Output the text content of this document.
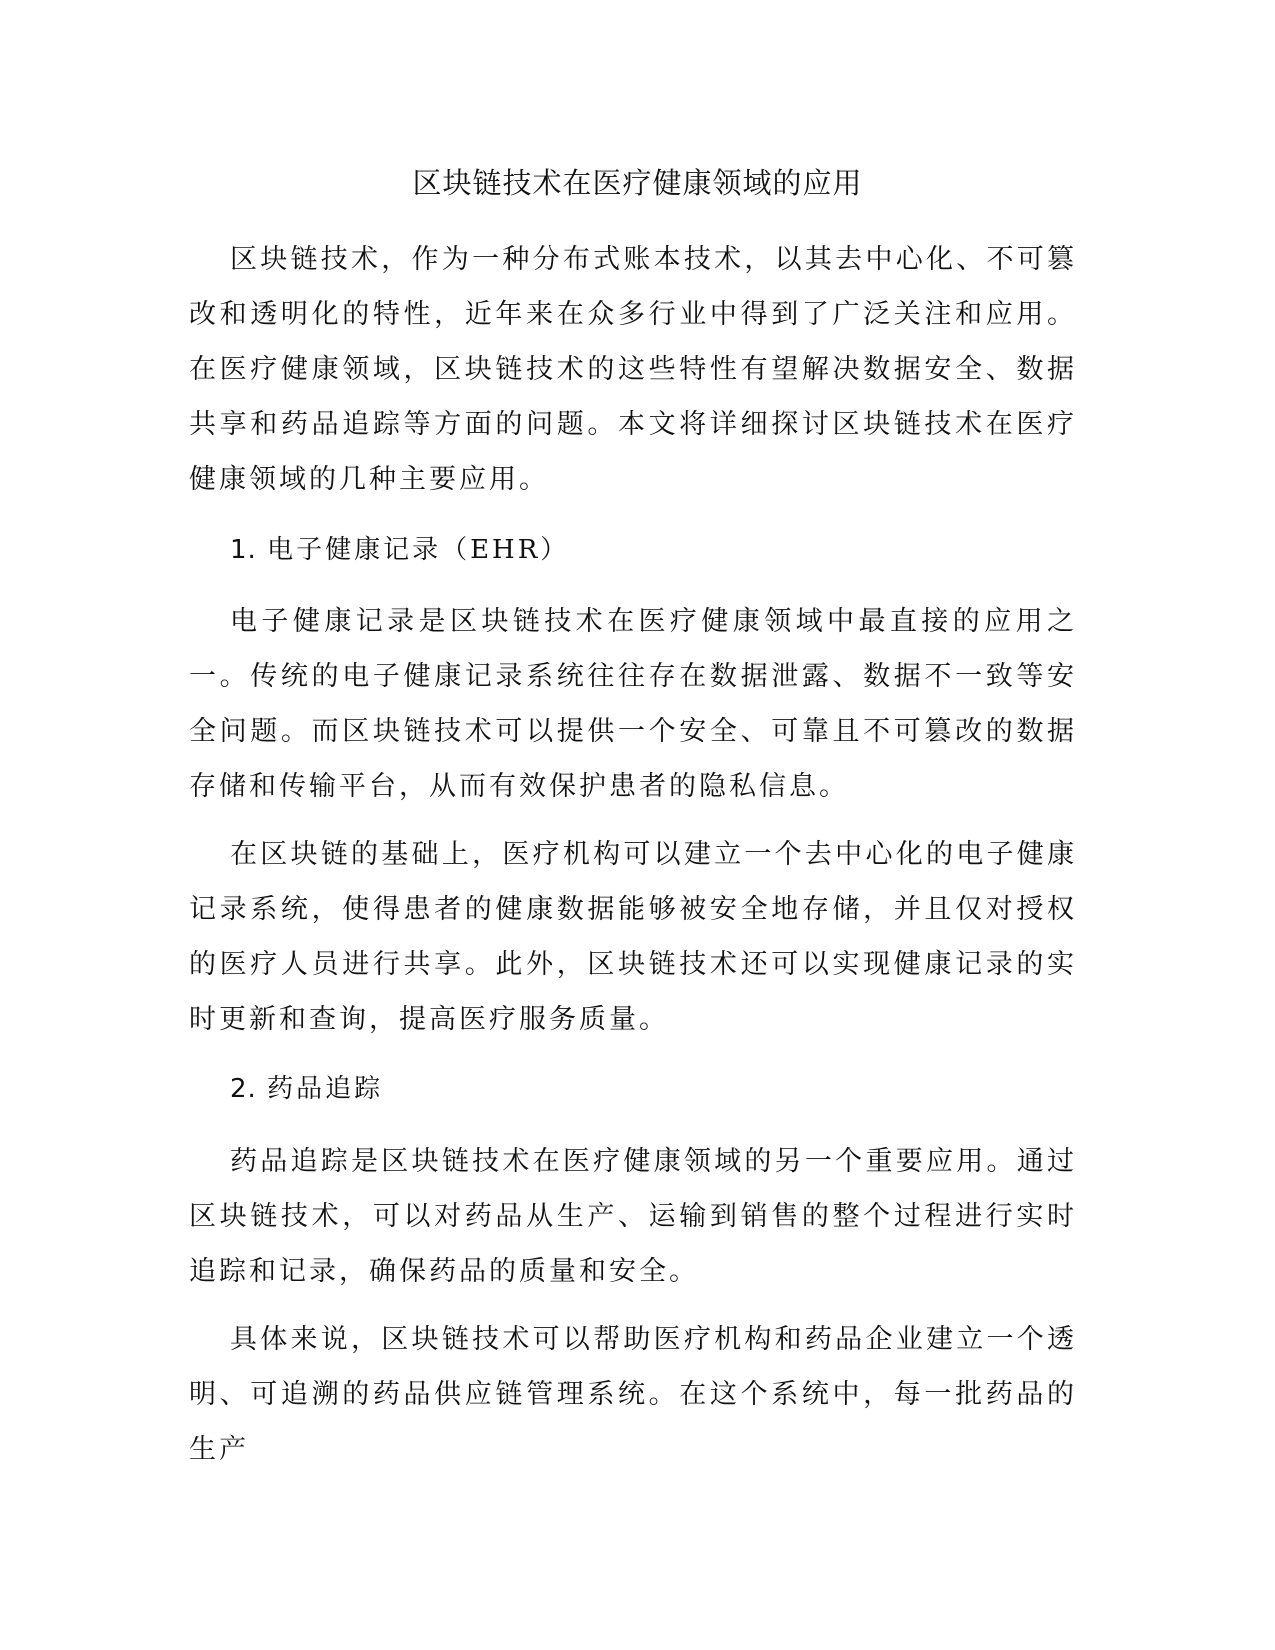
区块链技术在医疗健康领域的应用

区块链技术，作为一种分布式账本技术，以其去中心化、不可篡改和透明化的特性，近年来在众多行业中得到了广泛关注和应用。在医疗健康领域，区块链技术的这些特性有望解决数据安全、数据共享和药品追踪等方面的问题。本文将详细探讨区块链技术在医疗健康领域的几种主要应用。

1. 电子健康记录（EHR）

电子健康记录是区块链技术在医疗健康领域中最直接的应用之一。传统的电子健康记录系统往往存在数据泄露、数据不一致等安全问题。而区块链技术可以提供一个安全、可靠且不可篡改的数据存储和传输平台，从而有效保护患者的隐私信息。

在区块链的基础上，医疗机构可以建立一个去中心化的电子健康记录系统，使得患者的健康数据能够被安全地存储，并且仅对授权的医疗人员进行共享。此外，区块链技术还可以实现健康记录的实时更新和查询，提高医疗服务质量。

2. 药品追踪

药品追踪是区块链技术在医疗健康领域的另一个重要应用。通过区块链技术，可以对药品从生产、运输到销售的整个过程进行实时追踪和记录，确保药品的质量和安全。

具体来说，区块链技术可以帮助医疗机构和药品企业建立一个透明、可追溯的药品供应链管理系统。在这个系统中，每一批药品的生产
